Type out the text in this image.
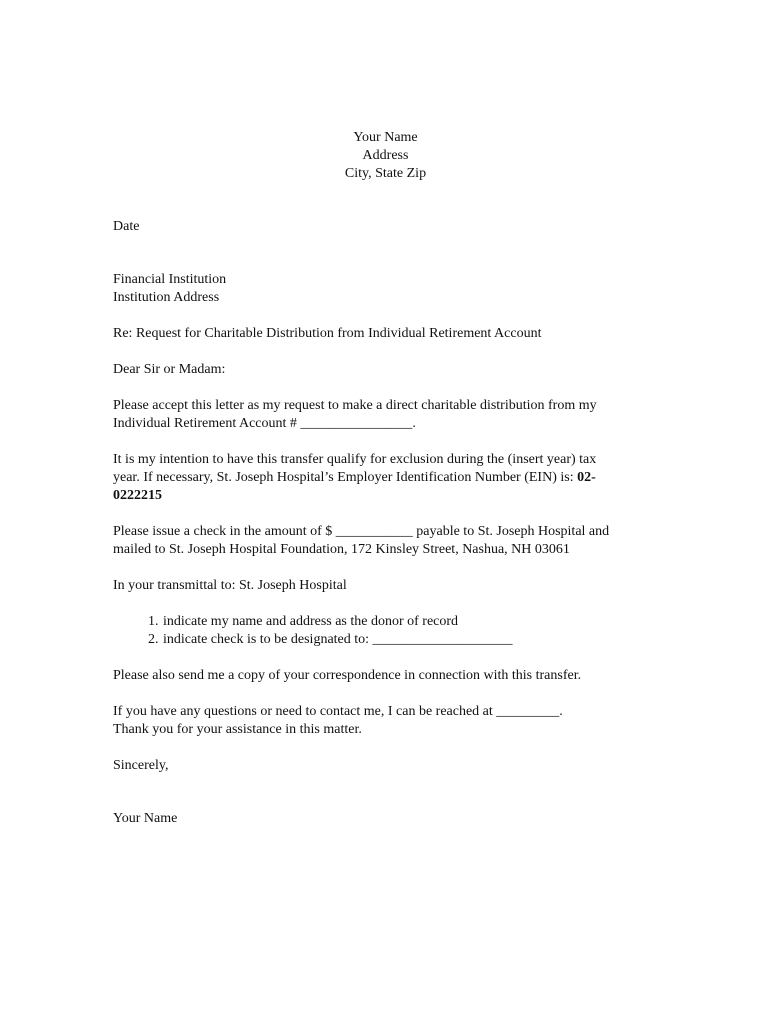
Your Name
Address
City, State Zip

Date

Financial Institution
Institution Address

Re: Request for Charitable Distribution from Individual Retirement Account

Dear Sir or Madam:

Please accept this letter as my request to make a direct charitable distribution from my
Individual Retirement Account # ________________.
It is my intention to have this transfer qualify for exclusion during the (insert year) tax
year. If necessary, St. Joseph Hospital’s Employer Identification Number (EIN) is: 02-
0222215
Please issue a check in the amount of $ ___________ payable to St. Joseph Hospital and
mailed to St. Joseph Hospital Foundation, 172 Kinsley Street, Nashua, NH 03061

In your transmittal to: St. Joseph Hospital

1. indicate my name and address as the donor of record
2. indicate check is to be designated to: ____________________

Please also send me a copy of your correspondence in connection with this transfer.

If you have any questions or need to contact me, I can be reached at _________.
Thank you for your assistance in this matter.

Sincerely,

Your Name
